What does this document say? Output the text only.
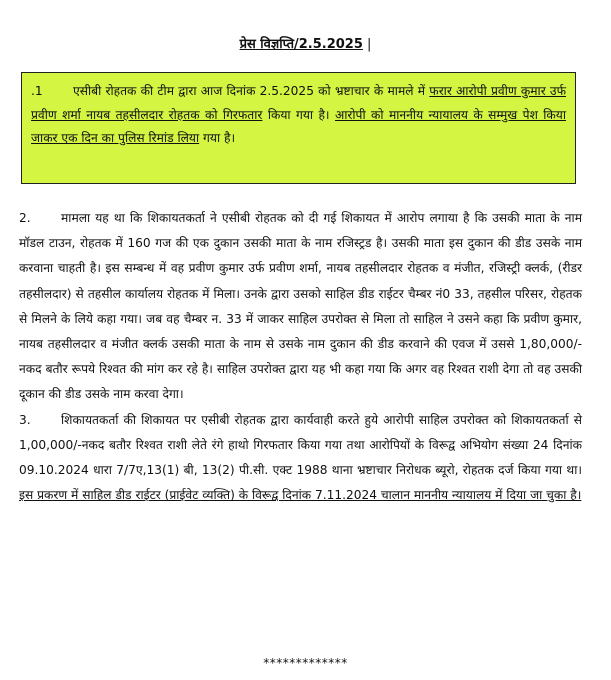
प्रेस विज्ञप्ति/2.5.2025 |
.1 एसीबी रोहतक की टीम द्वारा आज दिनांक 2.5.2025 को भ्रष्टाचार के मामले में फरार आरोपी प्रवीण कुमार उर्फ प्रवीण शर्मा नायब तहसीलदार रोहतक को गिरफतार किया गया है। आरोपी को माननीय न्यायालय के सम्मुख पेश किया जाकर एक दिन का पुलिस रिमांड लिया गया है।
2. मामला यह था कि शिकायतकर्ता ने एसीबी रोहतक को दी गई शिकायत में आरोप लगाया है कि उसकी माता के नाम मॉडल टाउन, रोहतक में 160 गज की एक दुकान उसकी माता के नाम रजिस्ट्रड है। उसकी माता इस दुकान की डीड उसके नाम करवाना चाहती है। इस सम्बन्ध में वह प्रवीण कुमार उर्फ प्रवीण शर्मा, नायब तहसीलदार रोहतक व मंजीत, रजिस्ट्री क्लर्क, (रीडर तहसीलदार) से तहसील कार्यालय रोहतक में मिला। उनके द्वारा उसको साहिल डीड राईटर चैम्बर नं0 33, तहसील परिसर, रोहतक से मिलने के लिये कहा गया। जब वह चैम्बर न. 33 में जाकर साहिल उपरोक्त से मिला तो साहिल ने उसने कहा कि प्रवीण कुमार, नायब तहसीलदार व मंजीत क्लर्क उसकी माता के नाम से उसके नाम दुकान की डीड करवाने की एवज में उससे 1,80,000/-नकद बतौर रूपये रिश्वत की मांग कर रहे है। साहिल उपरोक्त द्वारा यह भी कहा गया कि अगर वह रिश्वत राशी देगा तो वह उसकी दूकान की डीड उसके नाम करवा देगा।
3. शिकायतकर्ता की शिकायत पर एसीबी रोहतक द्वारा कार्यवाही करते हुये आरोपी साहिल उपरोक्त को शिकायतकर्ता से 1,00,000/-नकद बतौर रिश्वत राशी लेते रंगे हाथो गिरफतार किया गया तथा आरोपियों के विरूद्व अभियोग संख्या 24 दिनांक 09.10.2024 धारा 7/7ए,13(1) बी, 13(2) पी.सी. एक्ट 1988 थाना भ्रष्टाचार निरोधक ब्यूरो, रोहतक दर्ज किया गया था। इस प्रकरण में साहिल डीड राईटर (प्राईवेट व्यक्ति) के विरूद्व दिनांक 7.11.2024 चालान माननीय न्यायालय में दिया जा चुका है।
*************
